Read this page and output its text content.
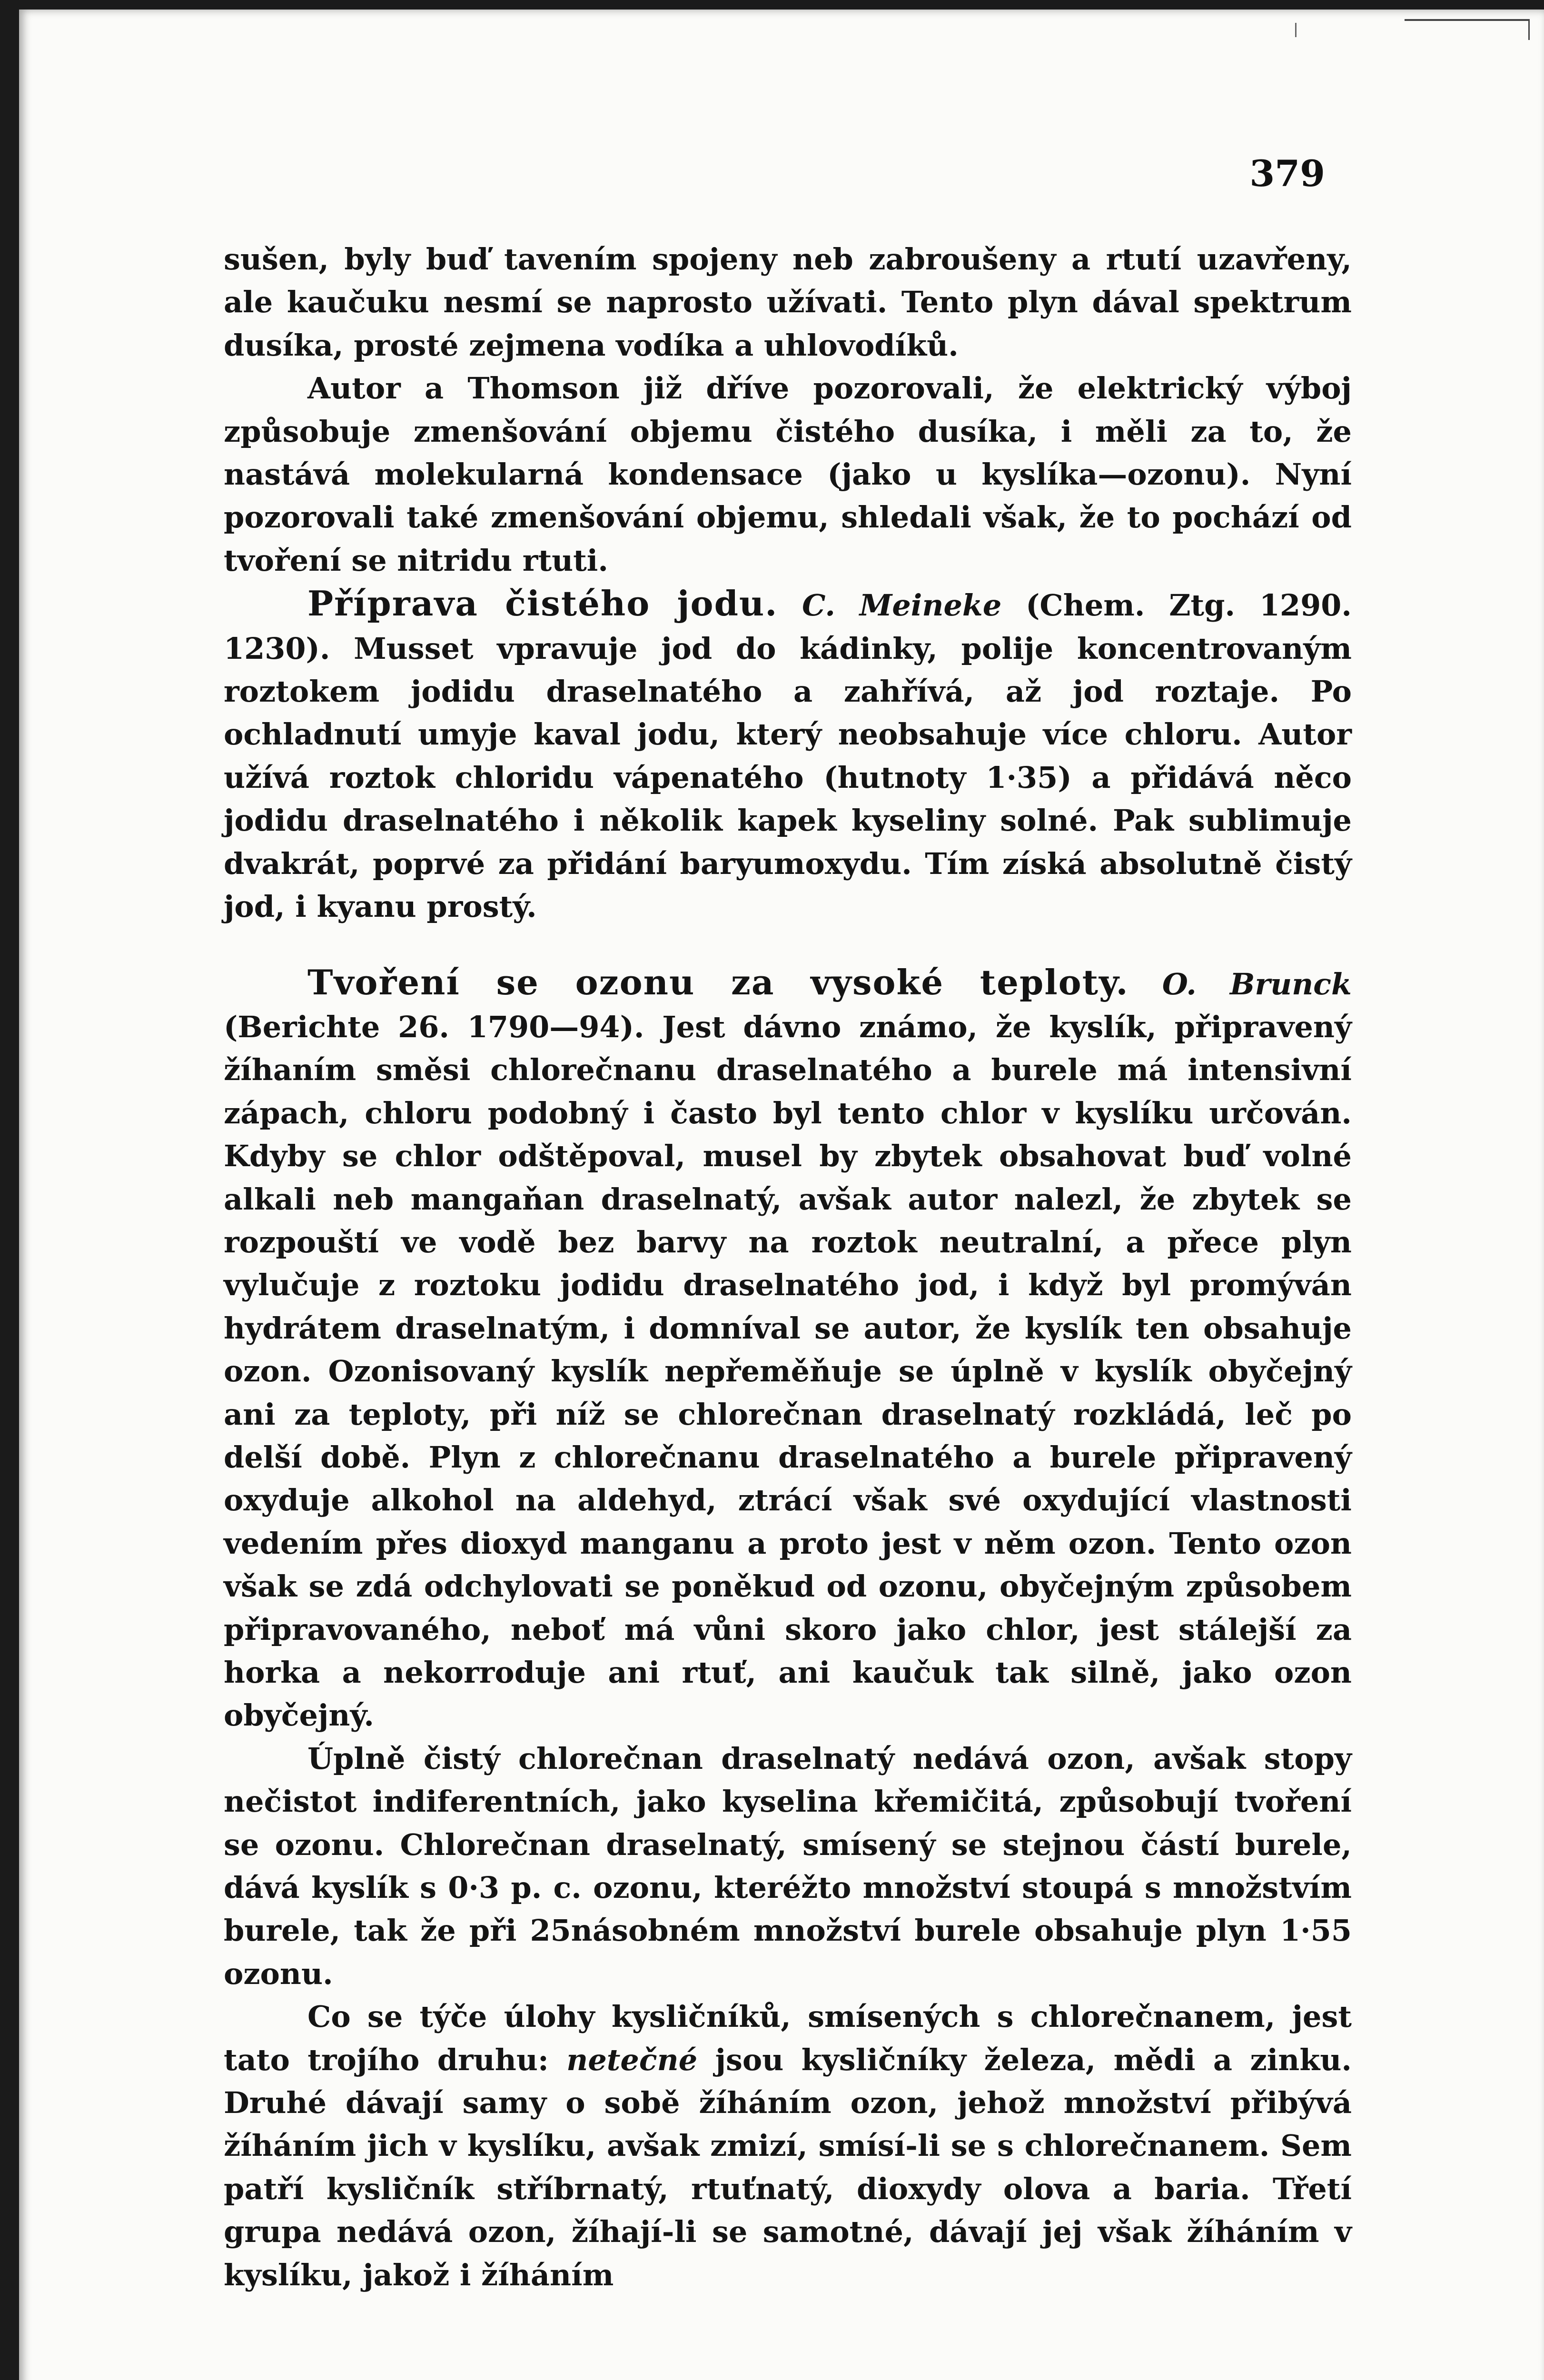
379

sušen, byly buď tavením spojeny neb zabroušeny a rtutí uzavřeny, ale kaučuku nesmí se naprosto užívati. Tento plyn dával spektrum dusíka, prosté zejmena vodíka a uhlovodíků.

Autor a Thomson již dříve pozorovali, že elektrický výboj způsobuje zmenšování objemu čistého dusíka, i měli za to, že nastává molekularná kondensace (jako u kyslíka—ozonu). Nyní pozorovali také zmenšování objemu, shledali však, že to pochází od tvoření se nitridu rtuti.

Příprava čistého jodu. C. Meineke (Chem. Ztg. 1290. 1230). Musset vpravuje jod do kádinky, polije koncentrovaným roztokem jodidu draselnatého a zahřívá, až jod roztaje. Po ochladnutí umyje kaval jodu, který neobsahuje více chloru. Autor užívá roztok chloridu vápenatého (hutnoty 1·35) a přidává něco jodidu draselnatého i několik kapek kyseliny solné. Pak sublimuje dvakrát, poprvé za přidání baryumoxydu. Tím získá absolutně čistý jod, i kyanu prostý.

Tvoření se ozonu za vysoké teploty. O. Brunck (Berichte 26. 1790—94). Jest dávno známo, že kyslík, připravený žíhaním směsi chlorečnanu draselnatého a burele má intensivní zápach, chloru podobný i často byl tento chlor v kyslíku určován. Kdyby se chlor odštěpoval, musel by zbytek obsahovat buď volné alkali neb mangaňan draselnatý, avšak autor nalezl, že zbytek se rozpouští ve vodě bez barvy na roztok neutralní, a přece plyn vylučuje z roztoku jodidu draselnatého jod, i když byl promýván hydrátem draselnatým, i domníval se autor, že kyslík ten obsahuje ozon. Ozonisovaný kyslík nepřeměňuje se úplně v kyslík obyčejný ani za teploty, při níž se chlorečnan draselnatý rozkládá, leč po delší době. Plyn z chlorečnanu draselnatého a burele připravený oxyduje alkohol na aldehyd, ztrácí však své oxydující vlastnosti vedením přes dioxyd manganu a proto jest v něm ozon. Tento ozon však se zdá odchylovati se poněkud od ozonu, obyčejným způsobem připravovaného, neboť má vůni skoro jako chlor, jest stálejší za horka a nekorroduje ani rtuť, ani kaučuk tak silně, jako ozon obyčejný.

Úplně čistý chlorečnan draselnatý nedává ozon, avšak stopy nečistot indiferentních, jako kyselina křemičitá, způsobují tvoření se ozonu. Chlorečnan draselnatý, smísený se stejnou částí burele, dává kyslík s 0·3 p. c. ozonu, kteréžto množství stoupá s množstvím burele, tak že při 25násobném množství burele obsahuje plyn 1·55 ozonu.

Co se týče úlohy kysličníků, smísených s chlorečnanem, jest tato trojího druhu: netečné jsou kysličníky železa, mědi a zinku. Druhé dávají samy o sobě žíháním ozon, jehož množství přibývá žíháním jich v kyslíku, avšak zmizí, smísí-li se s chlorečnanem. Sem patří kysličník stříbrnatý, rtuťnatý, dioxydy olova a baria. Třetí grupa nedává ozon, žíhají-li se samotné, dávají jej však žíháním v kyslíku, jakož i žíháním
